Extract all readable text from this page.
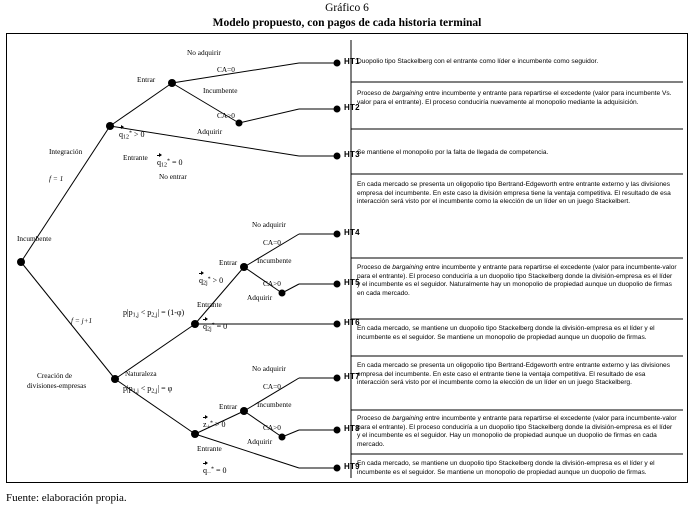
Gráfico 6
Modelo propuesto, con pagos de cada historia terminal
Incumbente
Integración
f = 1
Creación de
divisiones-empresas
f = j+1
Naturaleza
Entrar
Entrante
No entrar
No adquirir
Incumbente
CA=0
CA>0
Adquirir
Entrar
Entrante
No adquirir
Incumbente
CA=0
CA>0
Adquirir
Entrar
Entrante
No adquirir
Incumbente
CA=0
CA>0
Adquirir
$q_{12}^* > 0$
$q_{12}^* = 0$
$q_{2j}^* > 0$
$q_{2j}^* = 0$
$z_+^* > 0$
$q_{\cdot\cdot}^* = 0$
$p|p_{1,j} < p_{2,j}| = (1-\varphi)$
$p|p_{1,j} < p_{2,j}| = \varphi$
HT1
Duopolio tipo Stackelberg con el entrante como líder e incumbente como seguidor.
HT2
Proceso de bargaining entre incumbente y entrante para repartirse el excedente (valor para incumbente Vs. valor para el entrante). El proceso conduciría nuevamente al monopolio mediante la adquisición.
HT3
Se mantiene el monopolio por la falta de llegada de competencia.
HT4
En cada mercado se presenta un oligopolio tipo Bertrand-Edgeworth entre entrante externo y las divisiones empresa del incumbente. En este caso la división empresa tiene la ventaja competitiva. El resultado de esa interacción será visto por el incumbente como la elección de un líder en un juego Stackelbert.
HT5
Proceso de bargaining entre incumbente y entrante para repartirse el excedente (valor para incumbente-valor para el entrante). El proceso conduciría a un duopolio tipo Stackelberg donde la división-empresa es el líder y el incumbente es el seguidor. Naturalmente hay un monopolio de propiedad aunque un duopolio de firmas en cada mercado.
HT6
En cada mercado, se mantiene un duopolio tipo Stackelberg donde la división-empresa es el líder y el incumbente es el seguidor. Se mantiene un monopolio de propiedad aunque un duopolio de firmas.
HT7
En cada mercado se presenta un oligopolio tipo Bertrand-Edgeworth entre entrante externo y las divisiones empresa del incumbente. En este caso el entrante tiene la ventaja competitiva. El resultado de esa interacción será visto por el incumbente como la elección de un líder en un juego Stackelberg.
HT8
Proceso de bargaining entre incumbente y entrante para repartirse el excedente (valor para incumbente-valor para el entrante). El proceso conduciría a un duopolio tipo Stackelberg donde la división-empresa es el líder y el incumbente es el seguidor. Hay un monopolio de propiedad aunque un duopolio de firmas en cada mercado.
HT9
En cada mercado, se mantiene un duopolio tipo Stackelberg donde la división-empresa es el líder y el incumbente es el seguidor. Se mantiene un monopolio de propiedad aunque un duopolio de firmas.
Fuente: elaboración propia.
